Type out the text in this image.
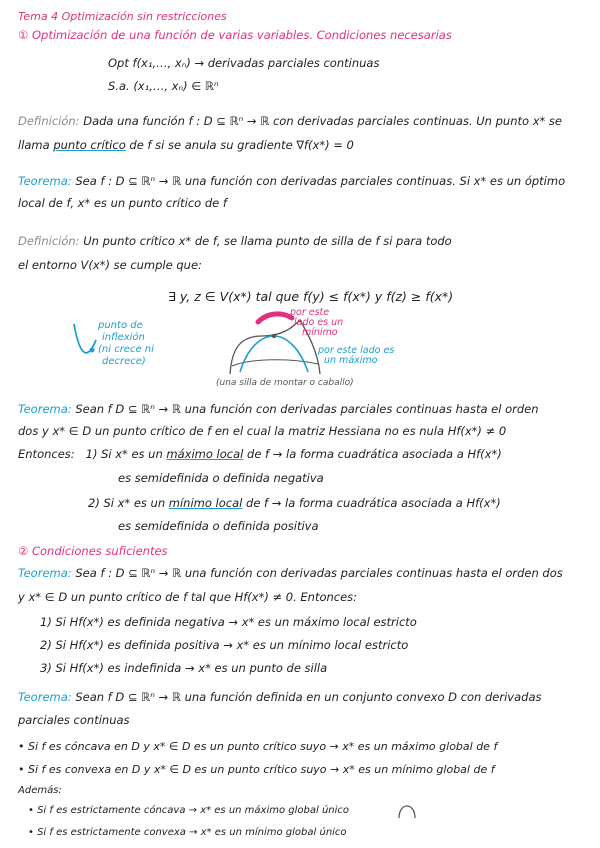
Tema 4 Optimización sin restricciones
① Optimización de una función de varias variables. Condiciones necesarias
Opt f(x₁,…, xₙ) → derivadas parciales continuas
S.a. (x₁,…, xₙ) ∈ ℝⁿ
Definición: Dada una función f : D ⊆ ℝⁿ → ℝ con derivadas parciales continuas. Un punto x* se
llama punto crítico de f si se anula su gradiente ∇f(x*) = 0
Teorema: Sea f : D ⊆ ℝⁿ → ℝ una función con derivadas parciales continuas. Si x* es un óptimo
local de f, x* es un punto crítico de f
Definición: Un punto crítico x* de f, se llama punto de silla de f si para todo
el entorno V(x*) se cumple que:
∃ y, z ∈ V(x*) tal que f(y) ≤ f(x*) y f(z) ≥ f(x*)
punto de
inflexión
(ni crece ni
decrece)
por este
lado es un
mínimo
por este lado es
un máximo
(una silla de montar o caballo)
Teorema: Sean f D ⊆ ℝⁿ → ℝ una función con derivadas parciales continuas hasta el orden
dos y x* ∈ D un punto crítico de f en el cual la matriz Hessiana no es nula Hf(x*) ≠ 0
Entonces: 1) Si x* es un máximo local de f → la forma cuadrática asociada a Hf(x*)
es semidefinida o definida negativa
2) Si x* es un mínimo local de f → la forma cuadrática asociada a Hf(x*)
es semidefinida o definida positiva
② Condiciones suficientes
Teorema: Sea f : D ⊆ ℝⁿ → ℝ una función con derivadas parciales continuas hasta el orden dos
y x* ∈ D un punto crítico de f tal que Hf(x*) ≠ 0. Entonces:
1) Si Hf(x*) es definida negativa → x* es un máximo local estricto
2) Si Hf(x*) es definida positiva → x* es un mínimo local estricto
3) Si Hf(x*) es indefinida → x* es un punto de silla
Teorema: Sean f D ⊆ ℝⁿ → ℝ una función definida en un conjunto convexo D con derivadas
parciales continuas
• Si f es cóncava en D y x* ∈ D es un punto crítico suyo → x* es un máximo global de f
• Si f es convexa en D y x* ∈ D es un punto crítico suyo → x* es un mínimo global de f
Además:
• Si f es estrictamente cóncava → x* es un máximo global único
• Si f es estrictamente convexa → x* es un mínimo global único
